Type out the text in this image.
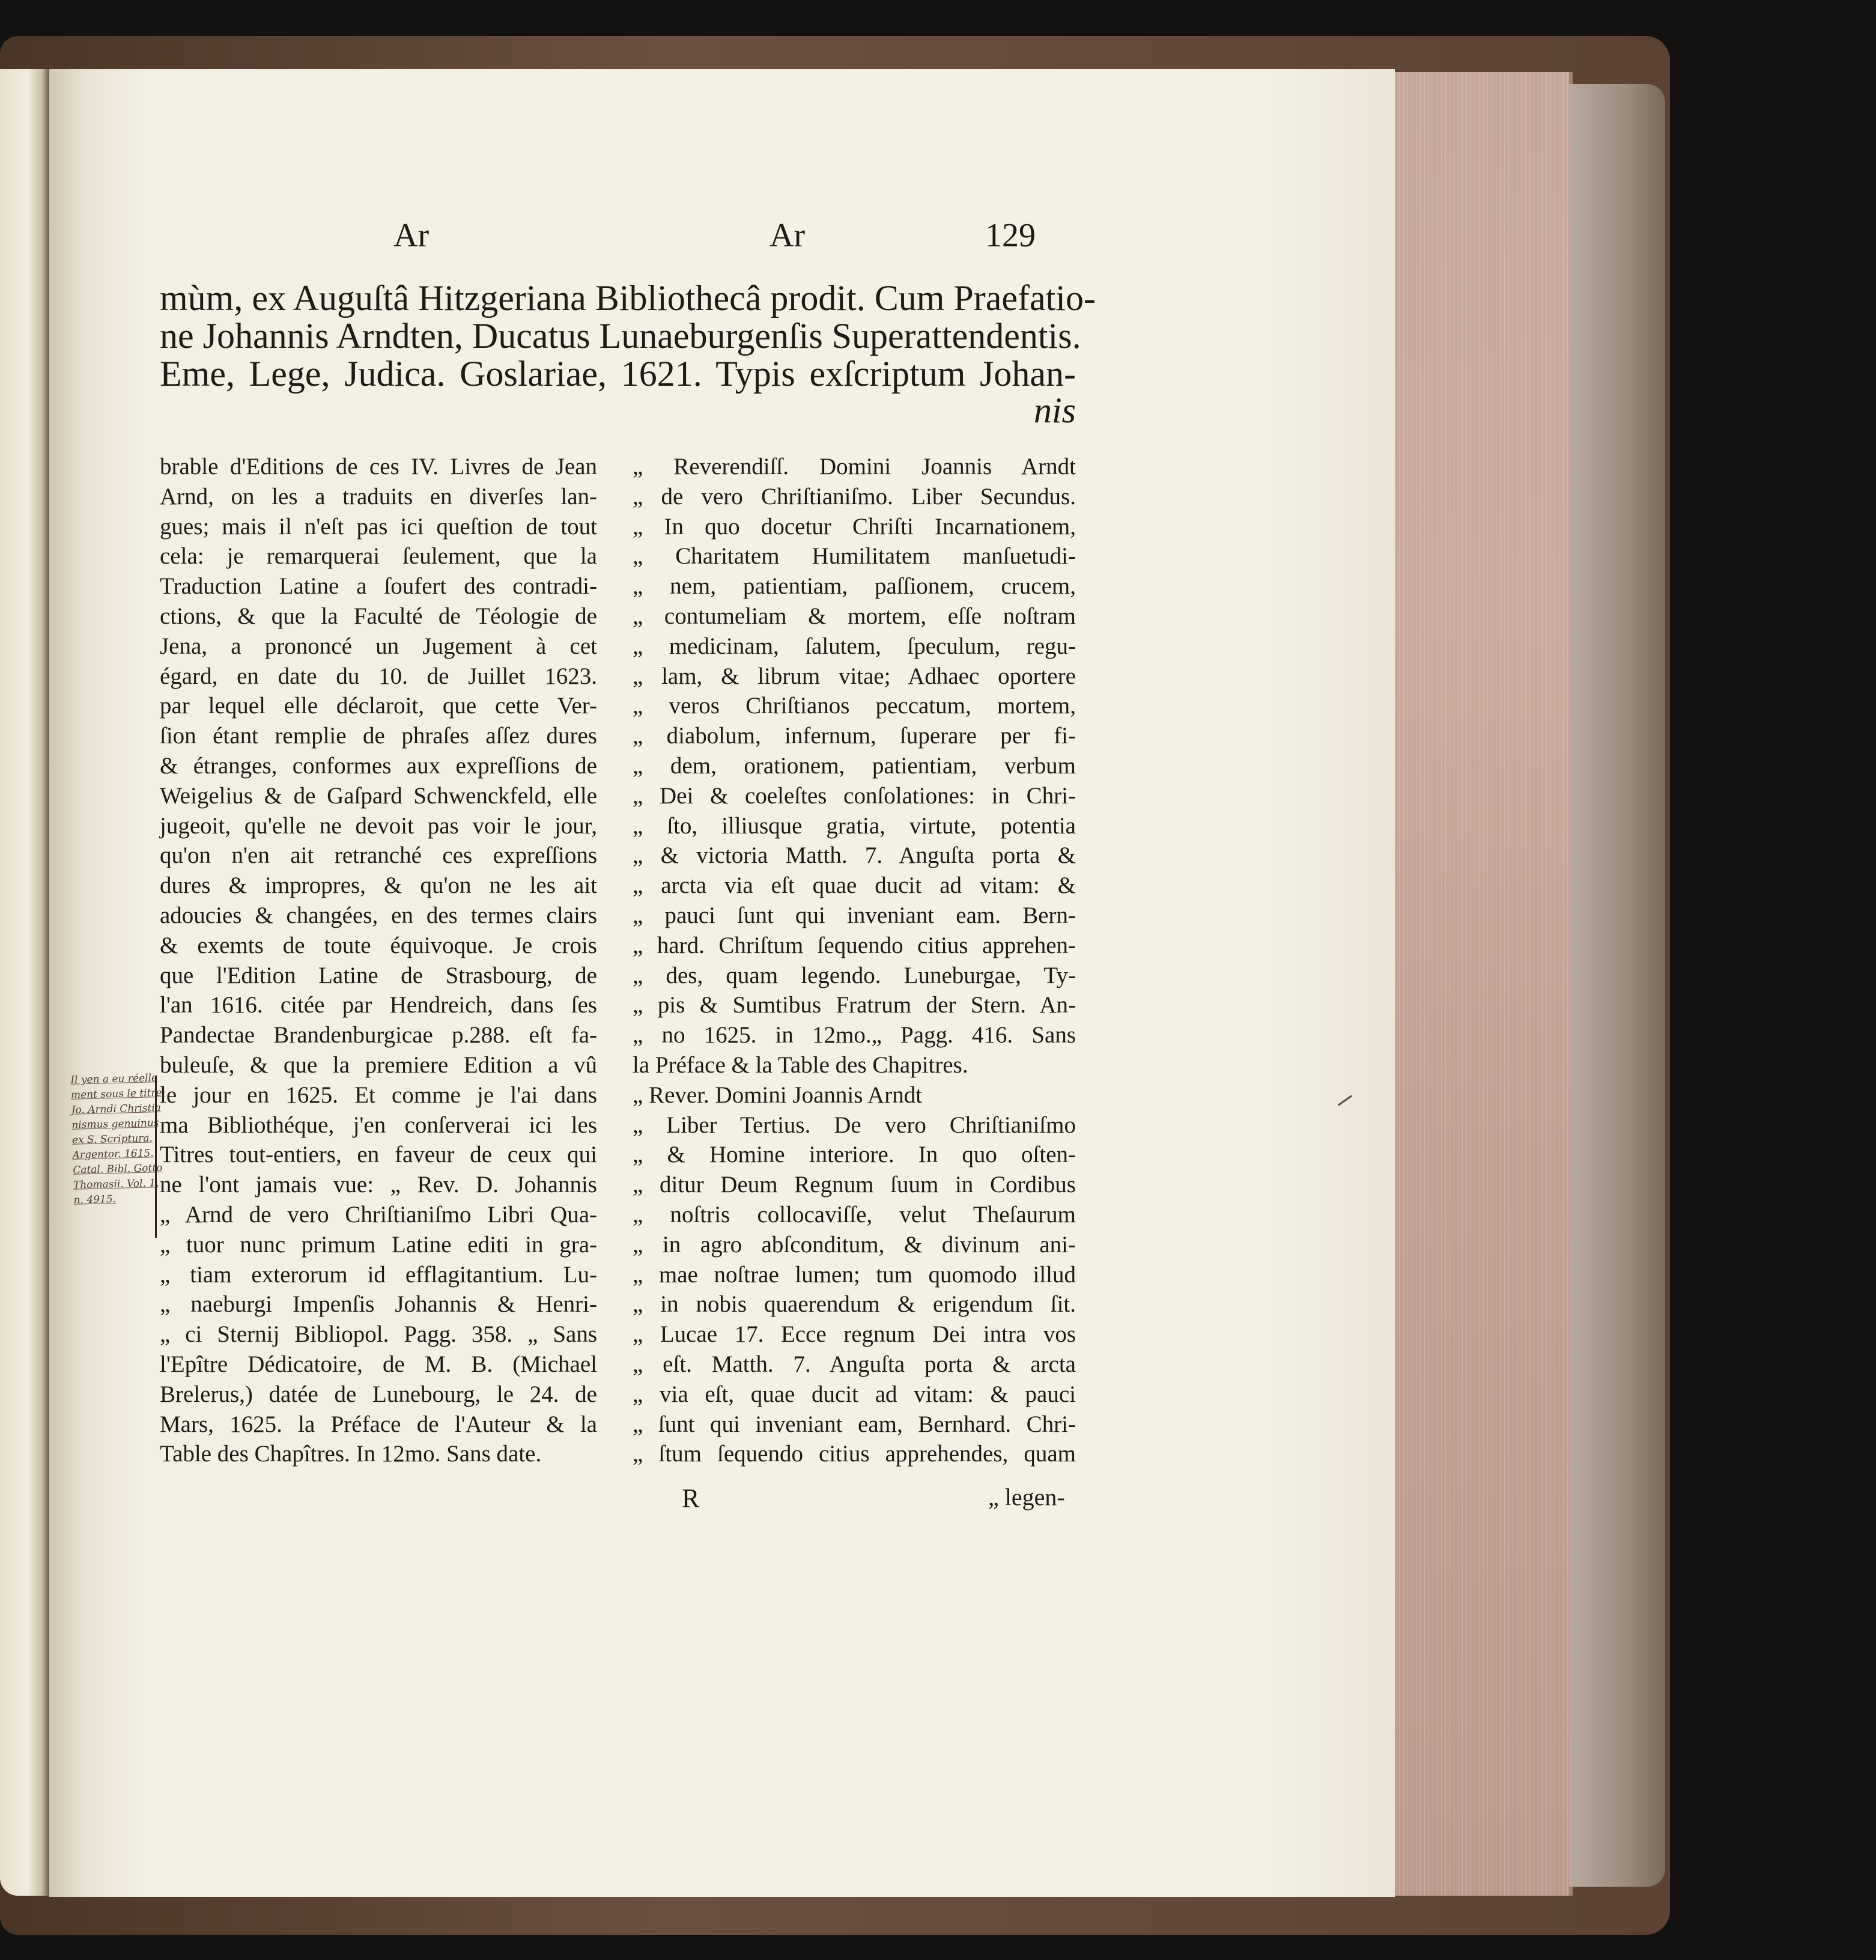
Ar	Ar	129
mùm, ex Auguſtâ Hitzgeriana Bibliothecâ prodit. Cum Praefatio-
ne Johannis Arndten, Ducatus Lunaeburgenſis Superattendentis.
Eme, Lege, Judica. Goslariae, 1621. Typis exſcriptum Johan-
nis
brable d'Editions de ces IV. Livres de Jean
Arnd, on les a traduits en diverſes lan-
gues; mais il n'eſt pas ici queſtion de tout
cela: je remarquerai ſeulement, que la
Traduction Latine a ſoufert des contradi-
ctions, & que la Faculté de Téologie de
Jena, a prononcé un Jugement à cet
égard, en date du 10. de Juillet 1623.
par lequel elle déclaroit, que cette Ver-
ſion étant remplie de phraſes aſſez dures
& étranges, conformes aux expreſſions de
Weigelius & de Gaſpard Schwenckfeld, elle
jugeoit, qu'elle ne devoit pas voir le jour,
qu'on n'en ait retranché ces expreſſions
dures & impropres, & qu'on ne les ait
adoucies & changées, en des termes clairs
& exemts de toute équivoque. Je crois
que l'Edition Latine de Strasbourg, de
l'an 1616. citée par Hendreich, dans ſes
Pandectae Brandenburgicae p.288. eſt fa-
buleuſe, & que la premiere Edition a vû
le jour en 1625. Et comme je l'ai dans
ma Bibliothéque, j'en conſerverai ici les
Titres tout-entiers, en faveur de ceux qui
ne l'ont jamais vue: „ Rev. D. Johannis
„ Arnd de vero Chriſtianiſmo Libri Qua-
„ tuor nunc primum Latine editi in gra-
„ tiam exterorum id efflagitantium. Lu-
„ naeburgi Impenſis Johannis & Henri-
„ ci Sternij Bibliopol. Pagg. 358. „ Sans
l'Epître Dédicatoire, de M. B. (Michael
Brelerus,) datée de Lunebourg, le 24. de
Mars, 1625. la Préface de l'Auteur & la
Table des Chapîtres. In 12mo. Sans date.
„ Reverendiſſ. Domini Joannis Arndt
„ de vero Chriſtianiſmo. Liber Secundus.
„ In quo docetur Chriſti Incarnationem,
„ Charitatem Humilitatem manſuetudi-
„ nem, patientiam, paſſionem, crucem,
„ contumeliam & mortem, eſſe noſtram
„ medicinam, ſalutem, ſpeculum, regu-
„ lam, & librum vitae; Adhaec oportere
„ veros Chriſtianos peccatum, mortem,
„ diabolum, infernum, ſuperare per fi-
„ dem, orationem, patientiam, verbum
„ Dei & coeleſtes conſolationes: in Chri-
„ ſto, illiusque gratia, virtute, potentia
„ & victoria Matth. 7. Anguſta porta &
„ arcta via eſt quae ducit ad vitam: &
„ pauci ſunt qui inveniant eam. Bern-
„ hard. Chriſtum ſequendo citius apprehen-
„ des, quam legendo. Luneburgae, Ty-
„ pis & Sumtibus Fratrum der Stern. An-
„ no 1625. in 12mo.„ Pagg. 416. Sans
la Préface & la Table des Chapitres.
„ Rever. Domini Joannis Arndt
„ Liber Tertius. De vero Chriſtianiſmo
„ & Homine interiore. In quo oſten-
„ ditur Deum Regnum ſuum in Cordibus
„ noſtris collocaviſſe, velut Theſaurum
„ in agro abſconditum, & divinum ani-
„ mae noſtrae lumen; tum quomodo illud
„ in nobis quaerendum & erigendum ſit.
„ Lucae 17. Ecce regnum Dei intra vos
„ eſt. Matth. 7. Anguſta porta & arcta
„ via eſt, quae ducit ad vitam: & pauci
„ ſunt qui inveniant eam, Bernhard. Chri-
„ ſtum ſequendo citius apprehendes, quam
Il yen a eu réelle
ment sous le titre:
Jo. Arndi Christia
nismus genuinus
ex S. Scriptura.
Argentor. 1615.
Catal. Bibl. Gotto
Thomasii. Vol. 1.
n. 4915.
R	„ legen-
